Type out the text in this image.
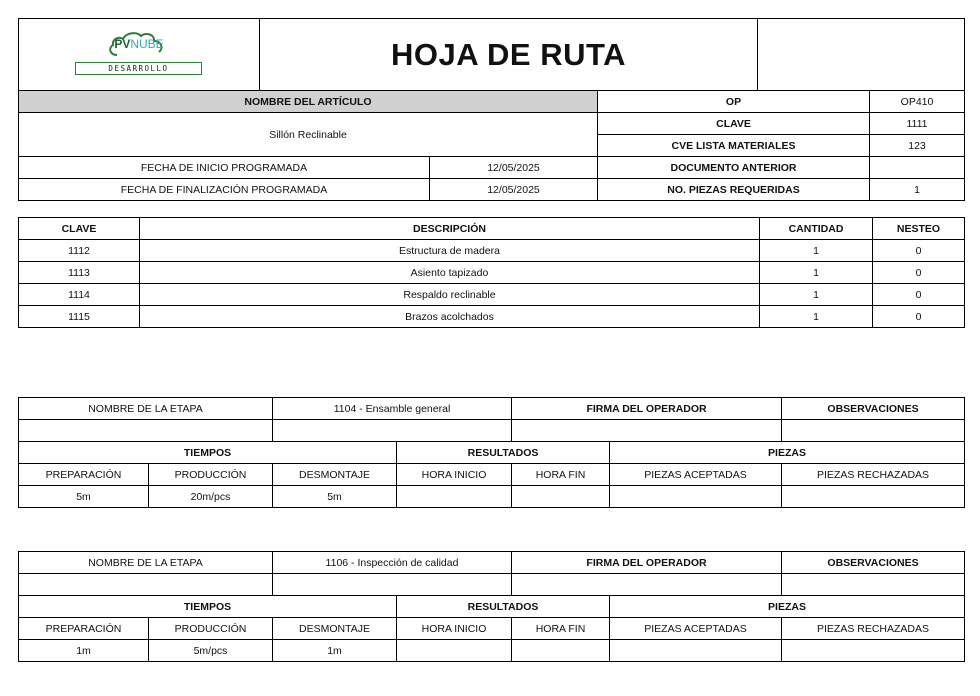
PVNUBE
DESARROLLO	HOJA DE RUTA	
NOMBRE DEL ARTÍCULO		OP	OP410
Sillón Reclinable		CLAVE	1111
		CVE LISTA MATERIALES	123
FECHA DE INICIO PROGRAMADA	12/05/2025	DOCUMENTO ANTERIOR	
FECHA DE FINALIZACIÓN PROGRAMADA	12/05/2025	NO. PIEZAS REQUERIDAS	1
CLAVE	DESCRIPCIÓN	CANTIDAD	NESTEO
1112	Estructura de madera	1	0
1113	Asiento tapizado	1	0
1114	Respaldo reclinable	1	0
1115	Brazos acolchados	1	0
NOMBRE DE LA ETAPA		1104 - Ensamble general		FIRMA DEL OPERADOR		OBSERVACIONES

TIEMPOS			RESULTADOS		PIEZAS	
PREPARACIÓN	PRODUCCIÓN	DESMONTAJE	HORA INICIO	HORA FIN	PIEZAS ACEPTADAS	PIEZAS RECHAZADAS
5m	20m/pcs	5m				
NOMBRE DE LA ETAPA		1106 - Inspección de calidad		FIRMA DEL OPERADOR		OBSERVACIONES

TIEMPOS			RESULTADOS		PIEZAS	
PREPARACIÓN	PRODUCCIÓN	DESMONTAJE	HORA INICIO	HORA FIN	PIEZAS ACEPTADAS	PIEZAS RECHAZADAS
1m	5m/pcs	1m				
